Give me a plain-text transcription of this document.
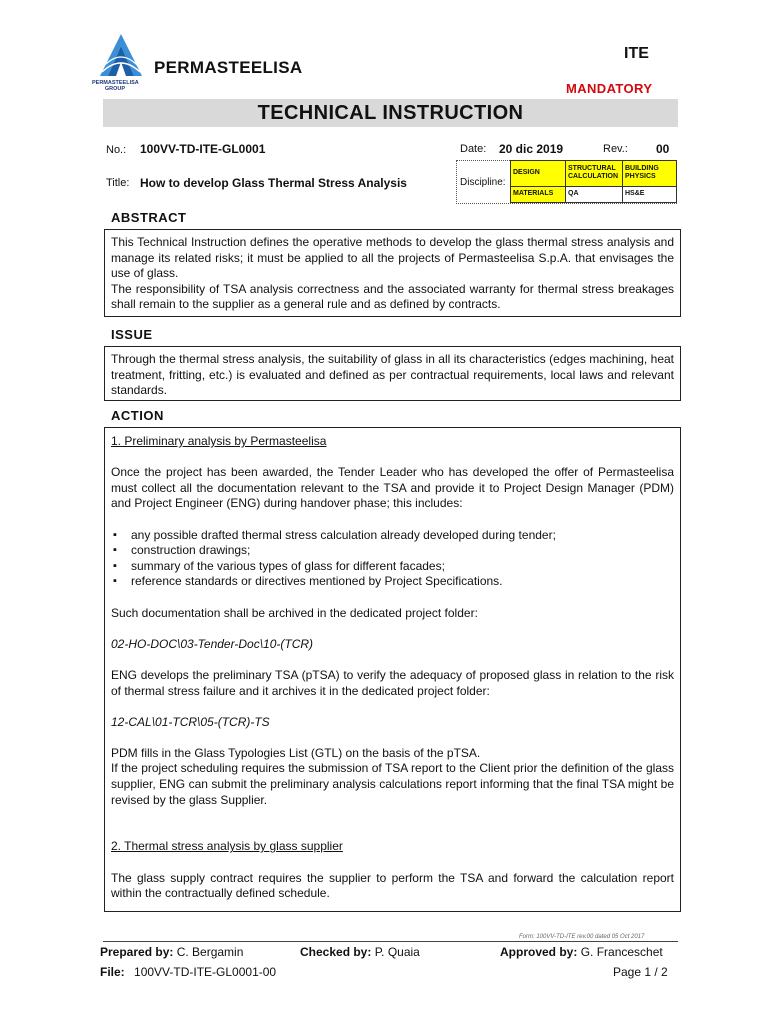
PERMASTEELISA
PERMASTEELISA
GROUP
ITE
MANDATORY
TECHNICAL INSTRUCTION
No.: 100VV-TD-ITE-GL0001	Date: 20 dic 2019	Rev.: 00
Title: How to develop Glass Thermal Stress Analysis	Discipline:
DESIGN	STRUCTURAL CALCULATION	BUILDING PHYSICS
MATERIALS	QA	HS&E
ABSTRACT

This Technical Instruction defines the operative methods to develop the glass thermal stress analysis and manage its related risks; it must be applied to all the projects of Permasteelisa S.p.A. that envisages the use of glass.

The responsibility of TSA analysis correctness and the associated warranty for thermal stress breakages shall remain to the supplier as a general rule and as defined by contracts.

ISSUE

Through the thermal stress analysis, the suitability of glass in all its characteristics (edges machining, heat treatment, fritting, etc.) is evaluated and defined as per contractual requirements, local laws and relevant standards.

ACTION

1. Preliminary analysis by Permasteelisa

Once the project has been awarded, the Tender Leader who has developed the offer of Permasteelisa must collect all the documentation relevant to the TSA and provide it to Project Design Manager (PDM) and Project Engineer (ENG) during handover phase; this includes:

▪ any possible drafted thermal stress calculation already developed during tender;
▪ construction drawings;
▪ summary of the various types of glass for different facades;
▪ reference standards or directives mentioned by Project Specifications.

Such documentation shall be archived in the dedicated project folder:

02-HO-DOC\03-Tender-Doc\10-(TCR)

ENG develops the preliminary TSA (pTSA) to verify the adequacy of proposed glass in relation to the risk of thermal stress failure and it archives it in the dedicated project folder:

12-CAL\01-TCR\05-(TCR)-TS

PDM fills in the Glass Typologies List (GTL) on the basis of the pTSA.

If the project scheduling requires the submission of TSA report to the Client prior the definition of the glass supplier, ENG can submit the preliminary analysis calculations report informing that the final TSA might be revised by the glass Supplier.

2. Thermal stress analysis by glass supplier

The glass supply contract requires the supplier to perform the TSA and forward the calculation report within the contractually defined schedule.

Form: 100VV-TD-ITE rev.00 dated 05 Oct 2017
Prepared by: C. Bergamin	Checked by: P. Quaia	Approved by: G. Franceschet
File: 100VV-TD-ITE-GL0001-00	Page 1 / 2
